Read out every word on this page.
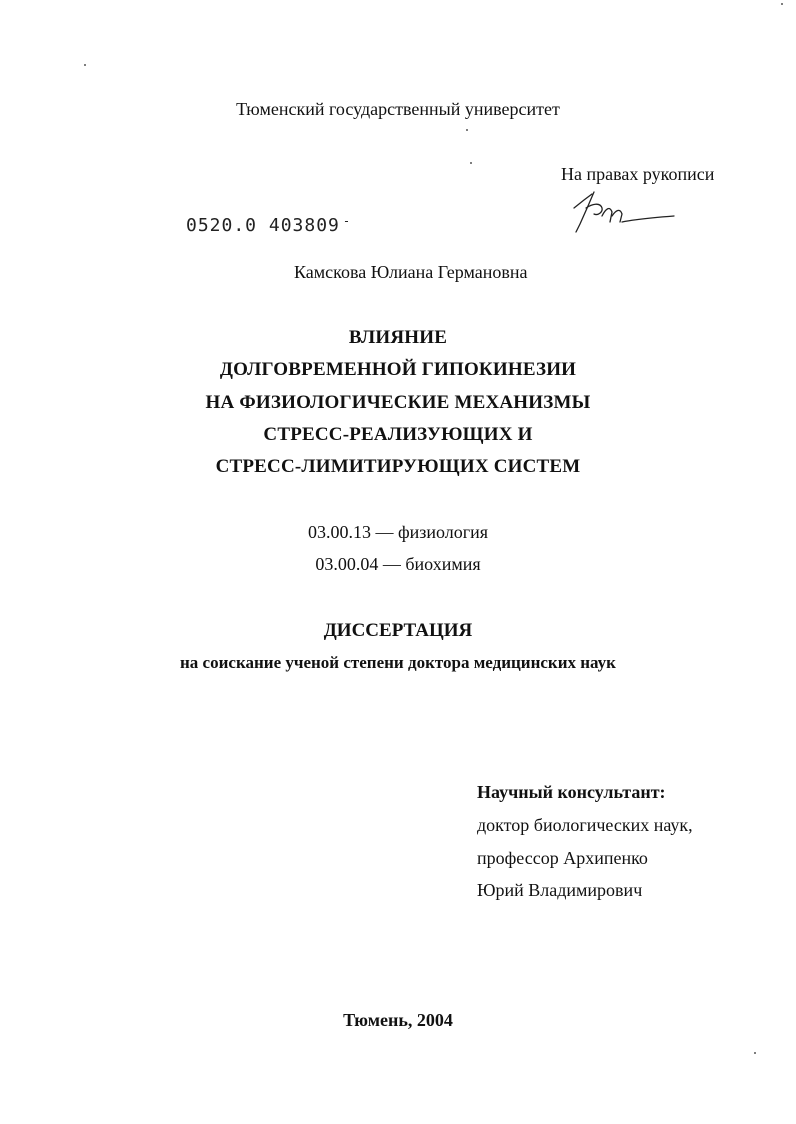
Тюменский государственный университет
На правах рукописи
0520.0 403809 -
Камскова Юлиана Германовна
ВЛИЯНИЕ
ДОЛГОВРЕМЕННОЙ ГИПОКИНЕЗИИ
НА ФИЗИОЛОГИЧЕСКИЕ МЕХАНИЗМЫ
СТРЕСС-РЕАЛИЗУЮЩИХ И
СТРЕСС-ЛИМИТИРУЮЩИХ СИСТЕМ
03.00.13 — физиология
03.00.04 — биохимия
ДИССЕРТАЦИЯ
на соискание ученой степени доктора медицинских наук
Научный консультант:
доктор биологических наук,
профессор Архипенко
Юрий Владимирович
Тюмень, 2004
